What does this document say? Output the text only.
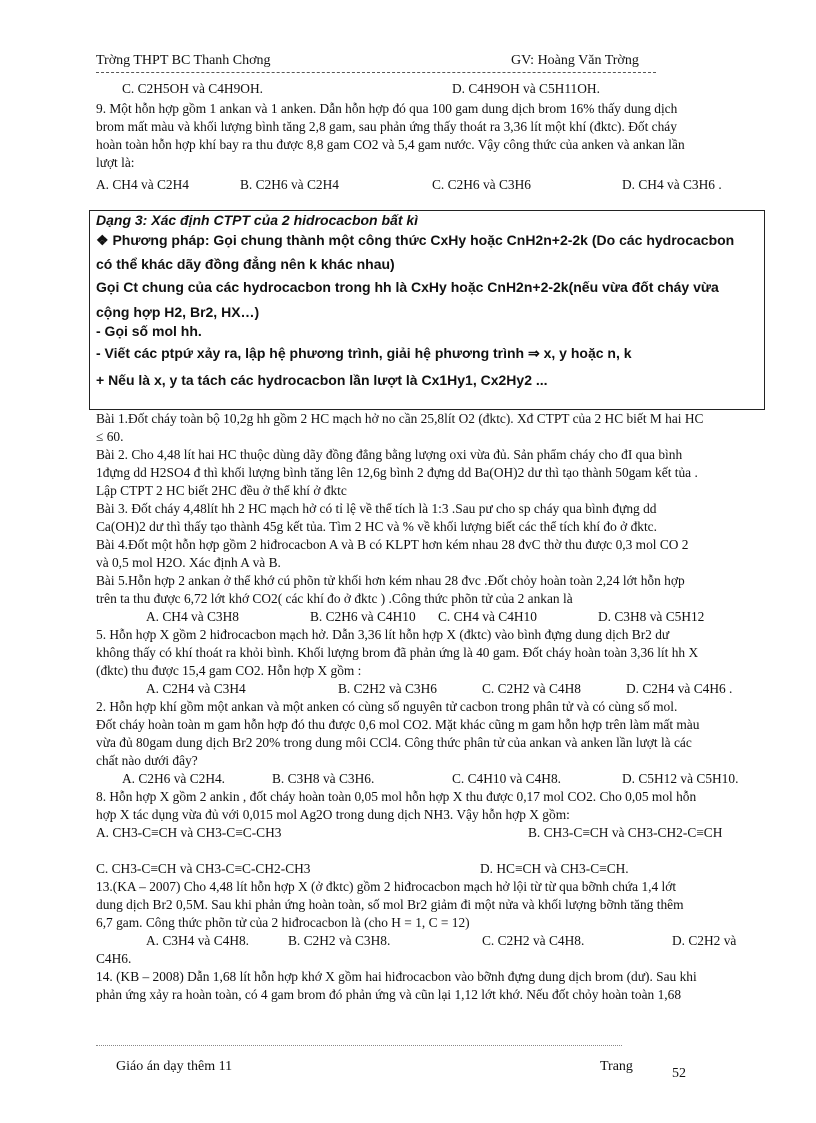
Trờng THPT BC Thanh Chơng	GV: Hoàng Văn Trờng
C. C2H5OH và C4H9OH.	D. C4H9OH và C5H11OH.
9. Một hỗn hợp gồm 1 ankan và 1 anken. Dẫn hỗn hợp đó qua 100 gam dung dịch brom 16% thấy dung dịch
brom mất màu và khối lượng bình tăng 2,8 gam, sau phản ứng thấy thoát ra 3,36 lít một khí (đktc). Đốt cháy
hoàn toàn hỗn hợp khí bay ra thu được 8,8 gam CO2 và 5,4 gam nước. Vậy công thức của anken và ankan lần
lượt là:
A. CH4 và C2H4	B. C2H6 và C2H4	C. C2H6 và C3H6	D. CH4 và C3H6 .
Dạng 3: Xác định CTPT của 2 hidrocacbon bất kì
❖ Phương pháp: Gọi chung thành một công thức CxHy hoặc CnH2n+2-2k (Do các hydrocacbon
có thể khác dãy đồng đẳng nên k khác nhau)
Gọi Ct chung của các hydrocacbon trong hh là CxHy hoặc CnH2n+2-2k(nếu vừa đốt cháy vừa
cộng hợp H2, Br2, HX…)
- Gọi số mol hh.
- Viết các ptpứ xảy ra, lập hệ phương trình, giải hệ phương trình ⇒ x, y hoặc n, k
+ Nếu là x, y ta tách các hydrocacbon lần lượt là Cx1Hy1, Cx2Hy2 ...
Bài 1.Đốt cháy toàn bộ 10,2g hh gồm 2 HC mạch hở no cần 25,8lít O2 (đktc). Xđ CTPT của 2 HC biết M hai HC
≤ 60.
Bài 2. Cho 4,48 lít hai HC thuộc dùng dãy đồng đẳng bằng lượng oxi vừa đủ. Sản phẩm cháy cho đI qua bình
1đựng dd H2SO4 đ thì khối lượng bình tăng lên 12,6g bình 2 đựng dd Ba(OH)2 dư thì tạo thành 50gam kết tủa .
Lập CTPT 2 HC biết 2HC đều ở thể khí ở đktc
Bài 3. Đốt cháy 4,48lít hh 2 HC mạch hở có tỉ lệ về thể tích là 1:3 .Sau pư cho sp cháy qua bình đựng dd
Ca(OH)2 dư thì thấy tạo thành 45g kết tủa. Tìm 2 HC và % về khối lượng biết các thể tích khí đo ở đktc.
Bài 4.Đốt một hỗn hợp gồm 2 hiđrocacbon A và B có KLPT hơn kém nhau 28 đvC thờ thu được 0,3 mol CO 2
và 0,5 mol H2O. Xác định A và B.
Bài 5.Hỗn hợp 2 ankan ở thể khớ cú phõn tử khối hơn kém nhau 28 đvc .Đốt chỏy hoàn toàn 2,24 lớt hỗn hợp
trên ta thu được 6,72 lớt khớ CO2( các khí đo ở đktc ) .Công thức phõn tử của 2 ankan là
A. CH4 và C3H8	B. C2H6 và C4H10 C. CH4 và C4H10	D. C3H8 và C5H12
5. Hỗn hợp X gồm 2 hiđrocacbon mạch hở. Dẫn 3,36 lít hỗn hợp X (đktc) vào bình đựng dung dịch Br2 dư
không thấy có khí thoát ra khỏi bình. Khối lượng brom đã phản ứng là 40 gam. Đốt cháy hoàn toàn 3,36 lít hh X
(đktc) thu được 15,4 gam CO2. Hỗn hợp X gồm :
A. C2H4 và C3H4	B. C2H2 và C3H6	C. C2H2 và C4H8	D. C2H4 và C4H6 .
2. Hỗn hợp khí gồm một ankan và một anken có cùng số nguyên tử cacbon trong phân tử và có cùng số mol.
Đốt cháy hoàn toàn m gam hỗn hợp đó thu được 0,6 mol CO2. Mặt khác cũng m gam hỗn hợp trên làm mất màu
vừa đủ 80gam dung dịch Br2 20% trong dung môi CCl4. Công thức phân tử của ankan và anken lần lượt là các
chất nào dưới đây?
A. C2H6 và C2H4.	B. C3H8 và C3H6.	C. C4H10 và C4H8.	D. C5H12 và C5H10.
8. Hỗn hợp X gồm 2 ankin , đốt cháy hoàn toàn 0,05 mol hỗn hợp X thu được 0,17 mol CO2. Cho 0,05 mol hỗn
hợp X tác dụng vừa đủ với 0,015 mol Ag2O trong dung dịch NH3. Vậy hỗn hợp X gồm:
A. CH3-C≡CH và CH3-C≡C-CH3	B. CH3-C≡CH và CH3-CH2-C≡CH
C. CH3-C≡CH và CH3-C≡C-CH2-CH3	D. HC≡CH và CH3-C≡CH.
13.(KA – 2007) Cho 4,48 lít hỗn hợp X (ở đktc) gồm 2 hiđrocacbon mạch hở lội từ từ qua bỡnh chứa 1,4 lớt
dung dịch Br2 0,5M. Sau khi phản ứng hoàn toàn, số mol Br2 giảm đi một nửa và khối lượng bỡnh tăng thêm
6,7 gam. Công thức phõn tử của 2 hiđrocacbon là (cho H = 1, C = 12)
A. C3H4 và C4H8.	B. C2H2 và C3H8.	C. C2H2 và C4H8.	D. C2H2 và
C4H6.
14. (KB – 2008) Dẫn 1,68 lít hỗn hợp khớ X gồm hai hiđrocacbon vào bỡnh đựng dung dịch brom (dư). Sau khi
phản ứng xảy ra hoàn toàn, có 4 gam brom đó phản ứng và cũn lại 1,12 lớt khớ. Nếu đốt chỏy hoàn toàn 1,68
Giáo án dạy thêm 11	Trang	52
